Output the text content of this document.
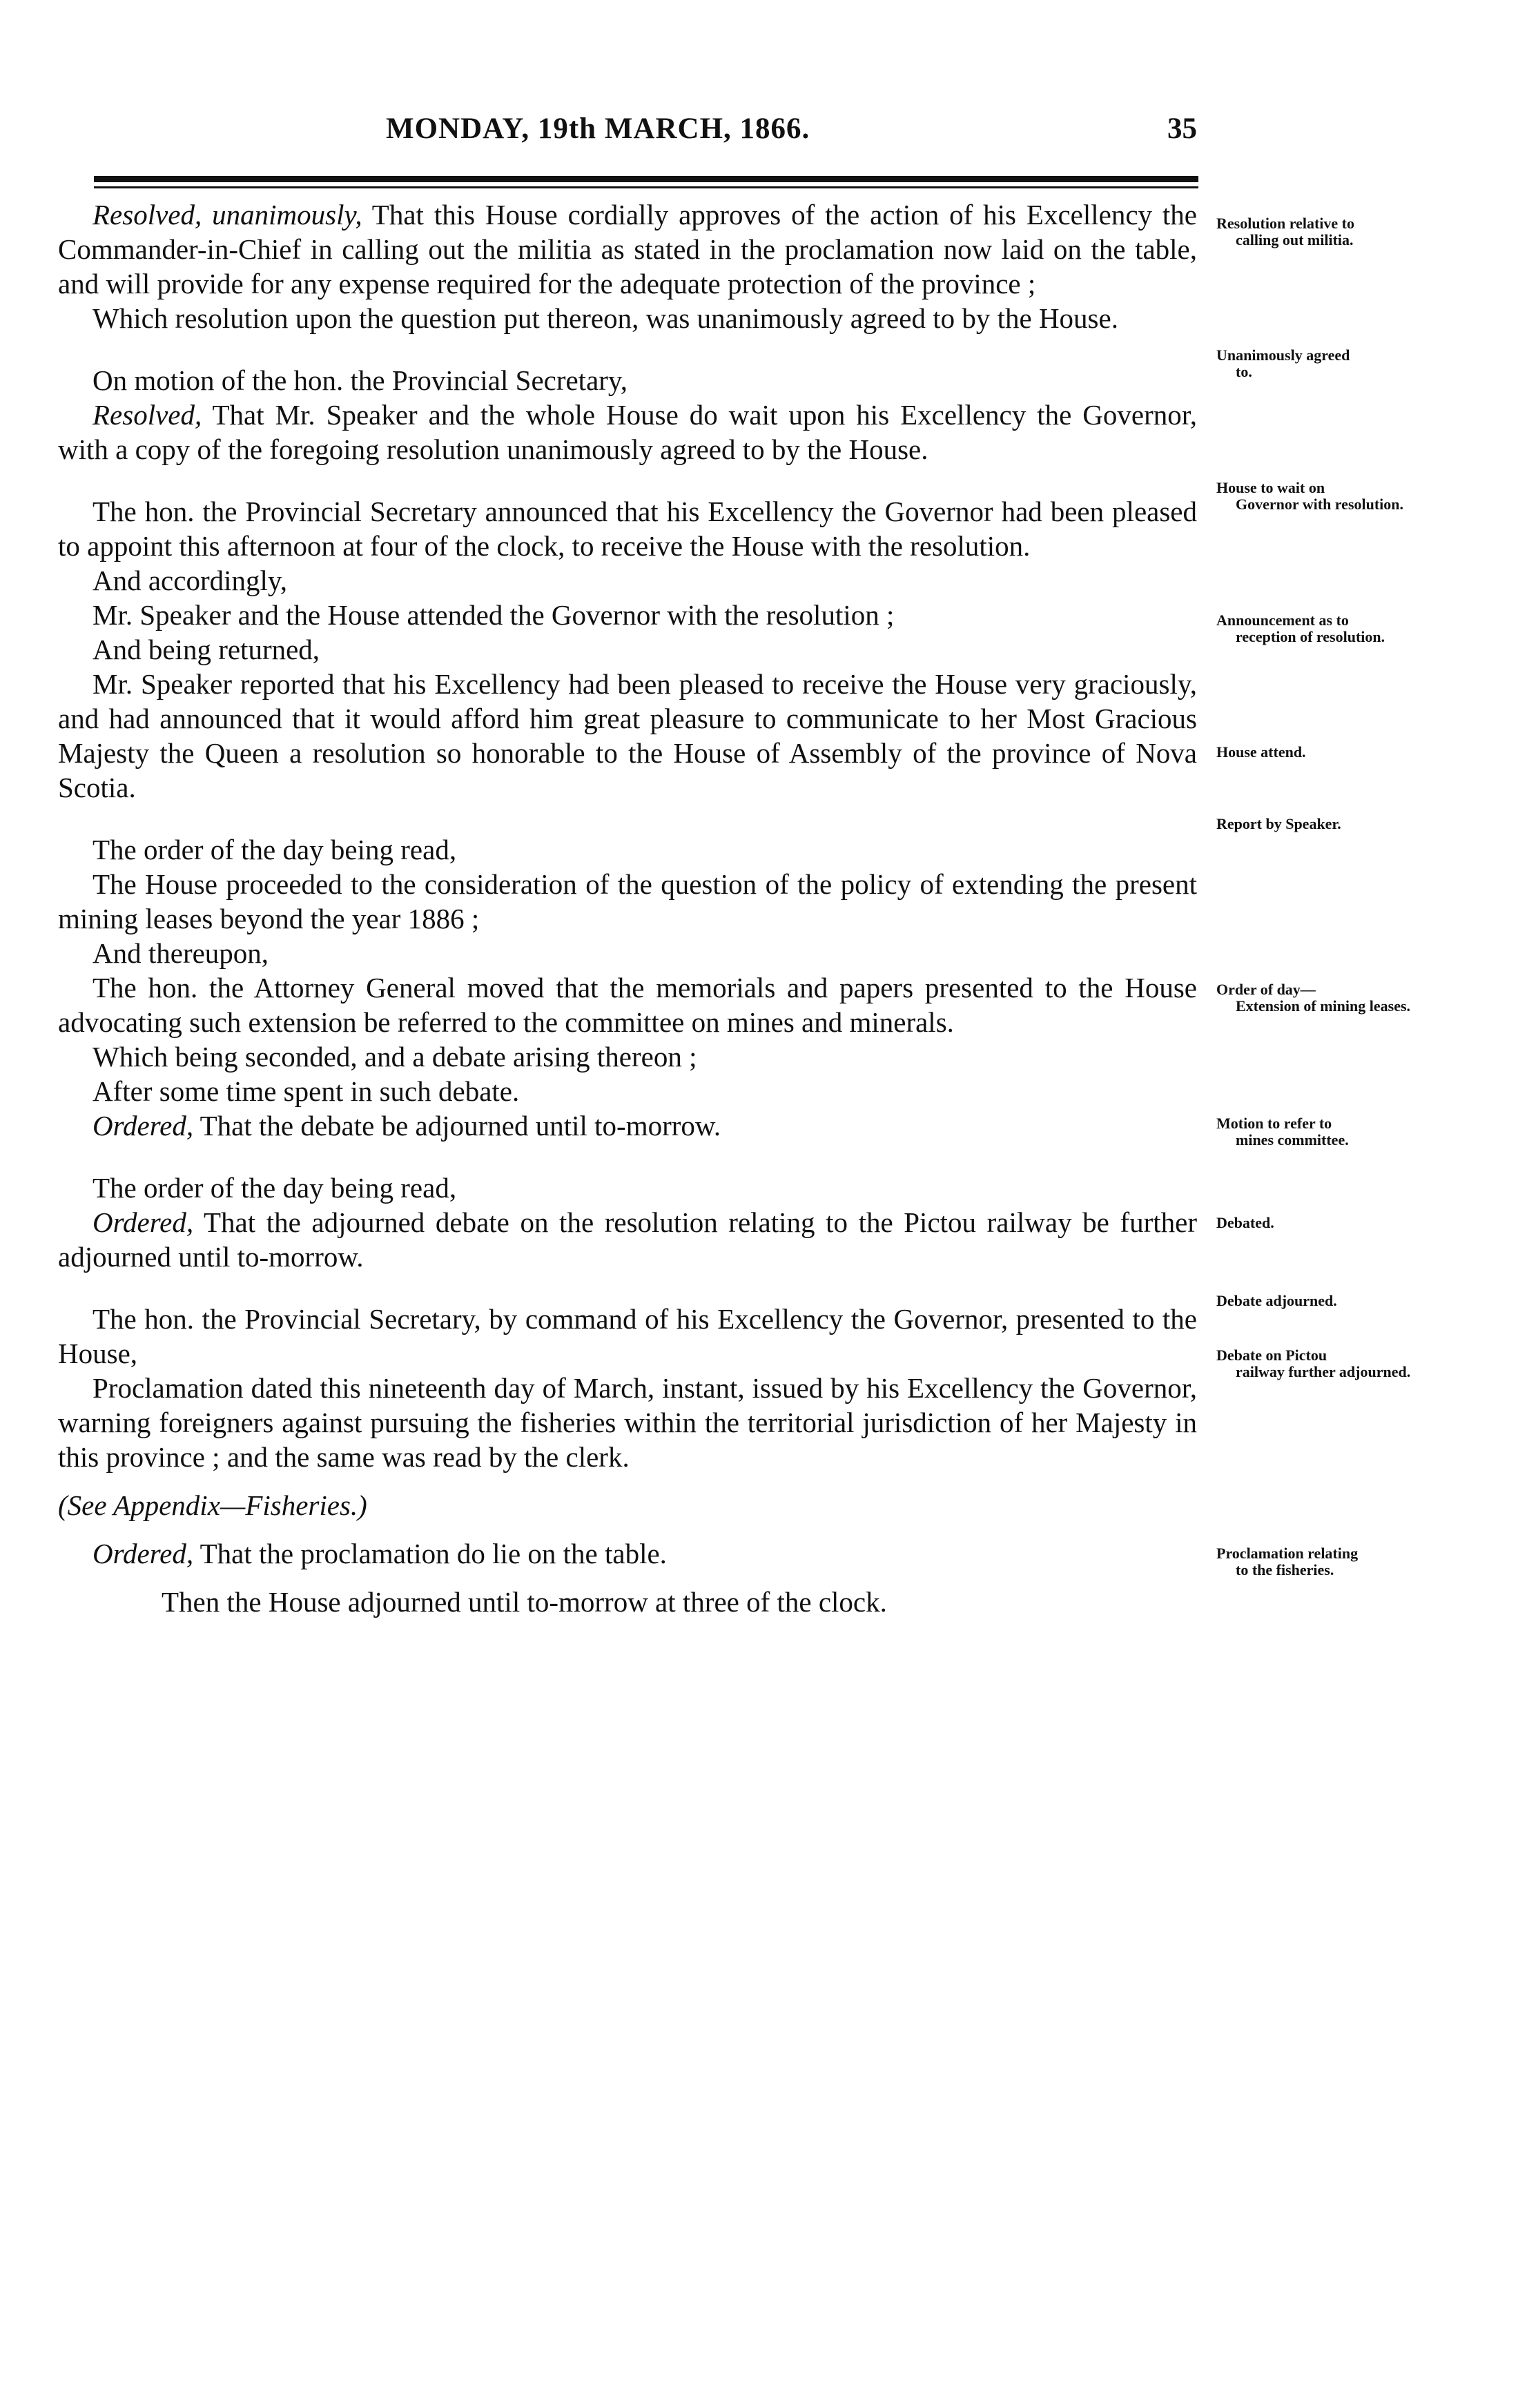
MONDAY, 19th MARCH, 1866.	35

Resolved, unanimously, That this House cordially approves of the action of his Excellency the Commander-in-Chief in calling out the militia as stated in the proclamation now laid on the table, and will provide for any expense required for the adequate protection of the province ;

Which resolution upon the question put thereon, was unanimously agreed to by the House.

On motion of the hon. the Provincial Secretary,

Resolved, That Mr. Speaker and the whole House do wait upon his Excellency the Governor, with a copy of the foregoing resolution unanimously agreed to by the House.

The hon. the Provincial Secretary announced that his Excellency the Governor had been pleased to appoint this afternoon at four of the clock, to receive the House with the resolution.

And accordingly,

Mr. Speaker and the House attended the Governor with the resolution ;

And being returned,

Mr. Speaker reported that his Excellency had been pleased to receive the House very graciously, and had announced that it would afford him great pleasure to communicate to her Most Gracious Majesty the Queen a resolution so honorable to the House of Assembly of the province of Nova Scotia.

The order of the day being read,

The House proceeded to the consideration of the question of the policy of extending the present mining leases beyond the year 1886 ;

And thereupon,

The hon. the Attorney General moved that the memorials and papers presented to the House advocating such extension be referred to the committee on mines and minerals.

Which being seconded, and a debate arising thereon ;

After some time spent in such debate.

Ordered, That the debate be adjourned until to-morrow.

The order of the day being read,

Ordered, That the adjourned debate on the resolution relating to the Pictou railway be further adjourned until to-morrow.

The hon. the Provincial Secretary, by command of his Excellency the Governor, presented to the House,

Proclamation dated this nineteenth day of March, instant, issued by his Excellency the Governor, warning foreigners against pursuing the fisheries within the territorial jurisdiction of her Majesty in this province ; and the same was read by the clerk.

(See Appendix—Fisheries.)

Ordered, That the proclamation do lie on the table.

Then the House adjourned until to-morrow at three of the clock.

Resolution relative to
calling out militia.
Unanimously agreed
to.
House to wait on
Governor with resolution.
Announcement as to
reception of resolution.
House attend.
Report by Speaker.
Order of day—
Extension of mining leases.
Motion to refer to
mines committee.
Debated.
Debate adjourned.
Debate on Pictou
railway further adjourned.
Proclamation relating
to the fisheries.
